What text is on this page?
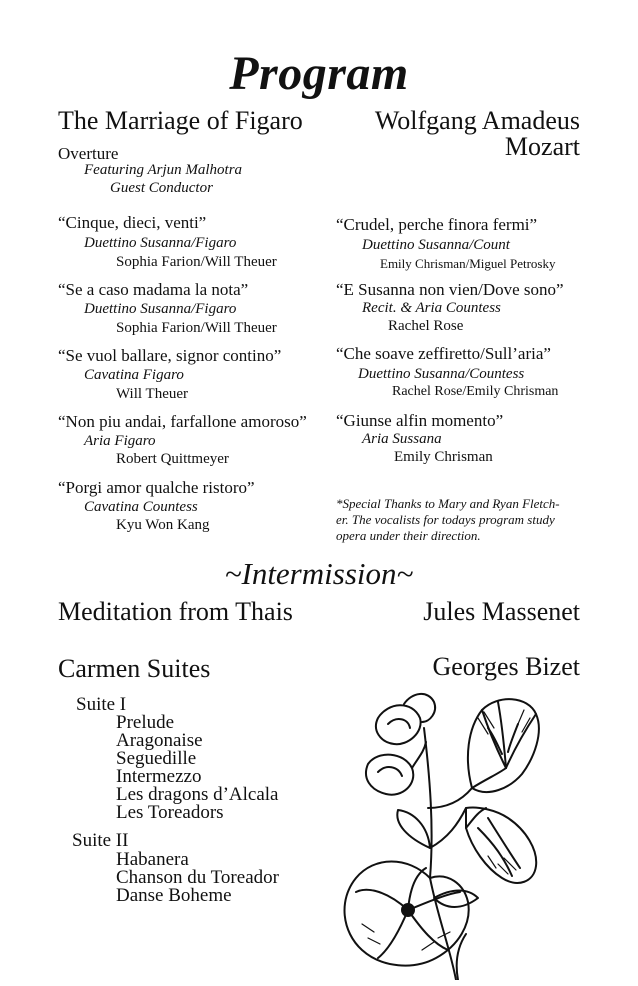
Program
The Marriage of Figaro	Wolfgang Amadeus
Mozart
Overture
Featuring Arjun Malhotra
Guest Conductor
“Cinque, dieci, venti”
Duettino Susanna/Figaro
Sophia Farion/Will Theuer
“Se a caso madama la nota”
Duettino Susanna/Figaro
Sophia Farion/Will Theuer
“Se vuol ballare, signor contino”
Cavatina Figaro
Will Theuer
“Non piu andai, farfallone amoroso”
Aria Figaro
Robert Quittmeyer
“Porgi amor qualche ristoro”
Cavatina Countess
Kyu Won Kang
“Crudel, perche finora fermi”
Duettino Susanna/Count
Emily Chrisman/Miguel Petrosky
“E Susanna non vien/Dove sono”
Recit. & Aria Countess
Rachel Rose
“Che soave zeffiretto/Sull’aria”
Duettino Susanna/Countess
Rachel Rose/Emily Chrisman
“Giunse alfin momento”
Aria Sussana
Emily Chrisman
*Special Thanks to Mary and Ryan Fletch-
er. The vocalists for todays program study
opera under their direction.
~Intermission~
Meditation from Thais	Jules Massenet
Carmen Suites	Georges Bizet
Suite I
Prelude
Aragonaise
Seguedille
Intermezzo
Les dragons d’Alcala
Les Toreadors
Suite II
Habanera
Chanson du Toreador
Danse Boheme
